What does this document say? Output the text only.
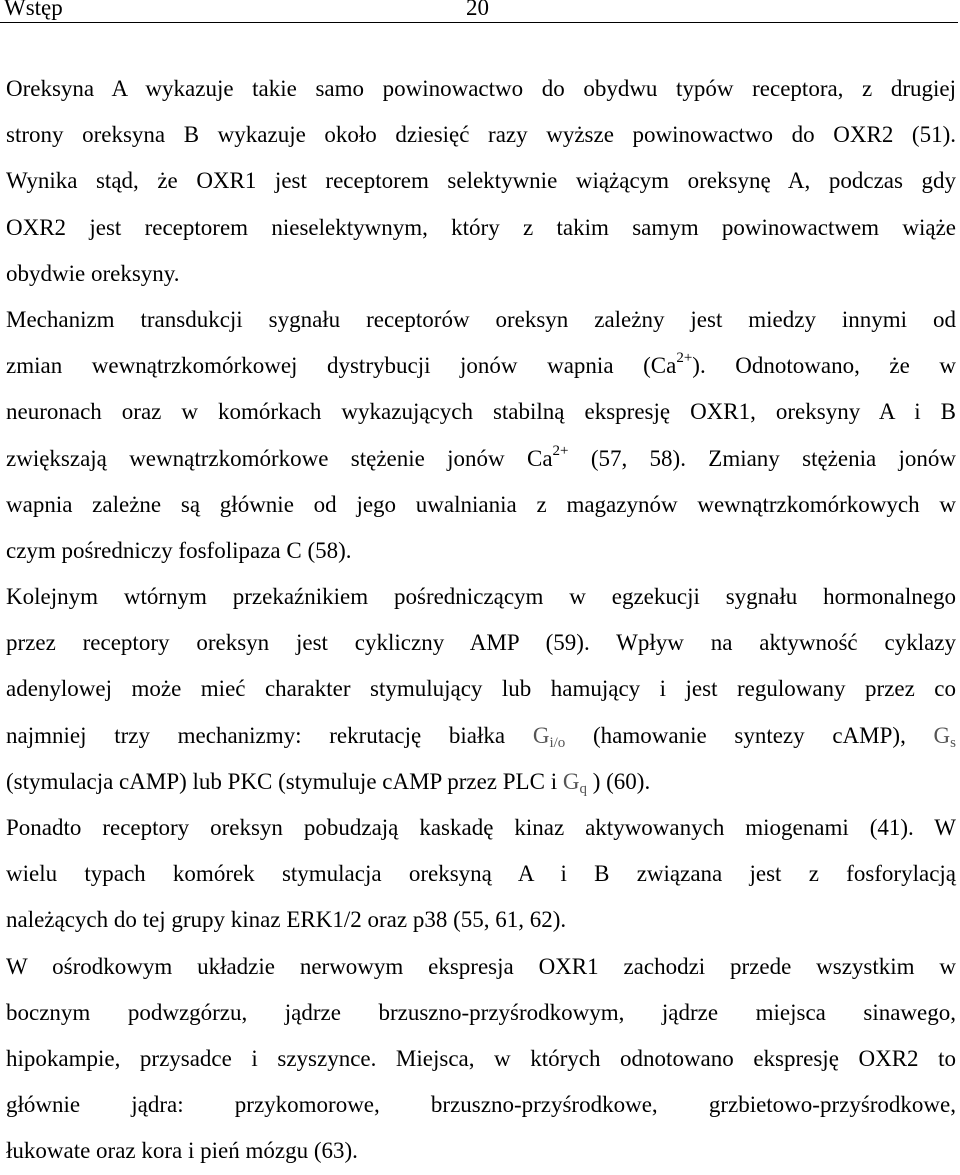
Wstęp	20
Oreksyna A wykazuje takie samo powinowactwo do obydwu typów receptora, z drugiej
strony oreksyna B wykazuje około dziesięć razy wyższe powinowactwo do OXR2 (51).
Wynika stąd, że OXR1 jest receptorem selektywnie wiążącym oreksynę A, podczas gdy
OXR2 jest receptorem nieselektywnym, który z takim samym powinowactwem wiąże
obydwie oreksyny.
Mechanizm transdukcji sygnału receptorów oreksyn zależny jest miedzy innymi od
zmian wewnątrzkomórkowej dystrybucji jonów wapnia $(Ca^{2+})$. Odnotowano, że w
neuronach oraz w komórkach wykazujących stabilną ekspresję OXR1, oreksyny A i B
zwiększają wewnątrzkomórkowe stężenie jonów $Ca^{2+}$ (57, 58). Zmiany stężenia jonów
wapnia zależne są głównie od jego uwalniania z magazynów wewnątrzkomórkowych w
czym pośredniczy fosfolipaza C (58).
Kolejnym wtórnym przekaźnikiem pośredniczącym w egzekucji sygnału hormonalnego
przez receptory oreksyn jest cykliczny AMP (59). Wpływ na aktywność cyklazy
adenylowej może mieć charakter stymulujący lub hamujący i jest regulowany przez co
najmniej trzy mechanizmy: rekrutację białka $G_{i/o}$ (hamowanie syntezy cAMP), $G_s$
(stymulacja cAMP) lub PKC (stymuluje cAMP przez PLC i $G_q$ ) (60).
Ponadto receptory oreksyn pobudzają kaskadę kinaz aktywowanych miogenami (41). W
wielu typach komórek stymulacja oreksyną A i B związana jest z fosforylacją
należących do tej grupy kinaz ERK1/2 oraz p38 (55, 61, 62).
W ośrodkowym układzie nerwowym ekspresja OXR1 zachodzi przede wszystkim w
bocznym podwzgórzu, jądrze brzuszno-przyśrodkowym, jądrze miejsca sinawego,
hipokampie, przysadce i szyszynce. Miejsca, w których odnotowano ekspresję OXR2 to
głównie jądra: przykomorowe, brzuszno-przyśrodkowe, grzbietowo-przyśrodkowe,
łukowate oraz kora i pień mózgu (63).
